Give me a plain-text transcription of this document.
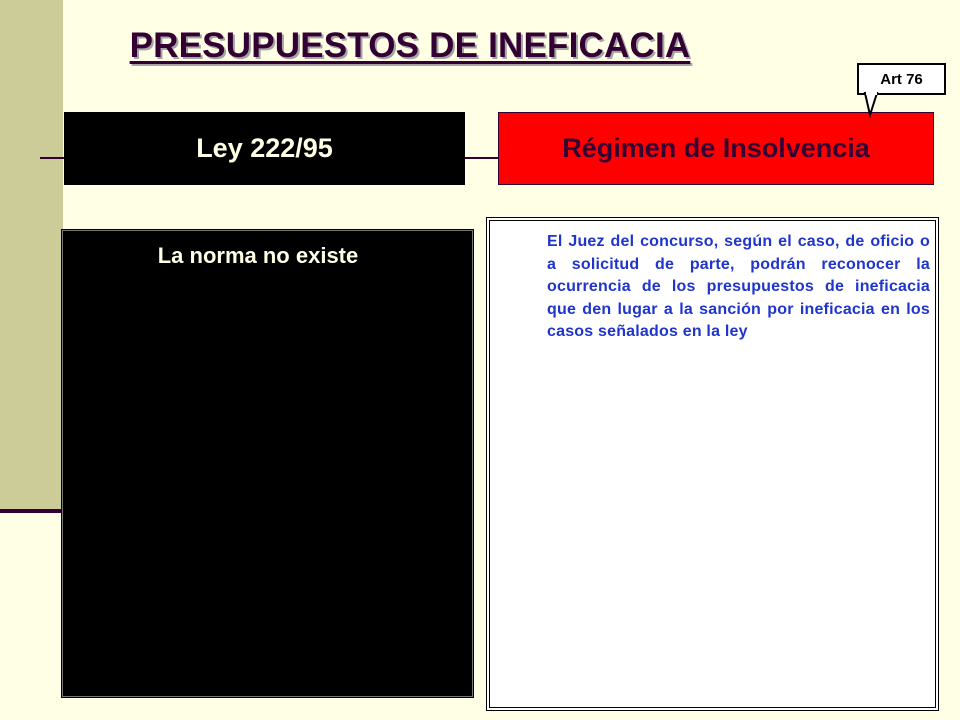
PRESUPUESTOS DE INEFICACIA
Ley 222/95	Régimen de Insolvencia
Art 76
La norma no existe
El Juez del concurso, según el caso, de oficio o a solicitud de parte, podrán reconocer la ocurrencia de los presupuestos de ineficacia que den lugar a la sanción por ineficacia en los casos señalados en la ley
